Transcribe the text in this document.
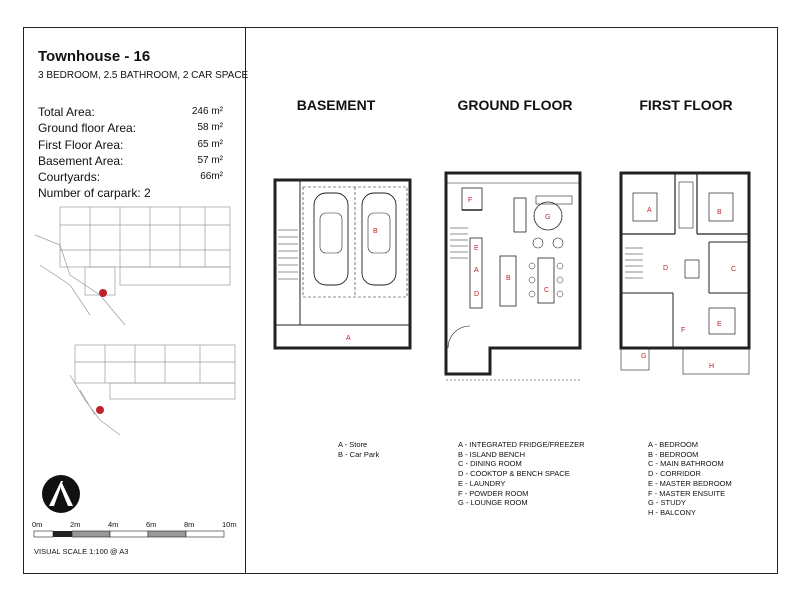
Townhouse - 16
3 BEDROOM, 2.5 BATHROOM, 2 CAR SPACE
Total Area:	246 m²
Ground floor Area:	58 m²
First Floor Area:	65 m²
Basement Area:	57 m²
Courtyards:	66m²
Number of carpark: 2
0m	2m	4m	6m	8m	10m
VISUAL SCALE 1:100 @ A3
BASEMENT	GROUND FLOOR	FIRST FLOOR
A
B
A
B
C
D
E
F
G
A	B
C
D
E
F
G
H
A - Store
B - Car Park
A - INTEGRATED FRIDGE/FREEZER
B - ISLAND BENCH
C - DINING ROOM
D - COOKTOP & BENCH SPACE
E - LAUNDRY
F - POWDER ROOM
G - LOUNGE ROOM
A - BEDROOM
B - BEDROOM
C - MAIN BATHROOM
D - CORRIDOR
E - MASTER BEDROOM
F - MASTER ENSUITE
G - STUDY
H - BALCONY
